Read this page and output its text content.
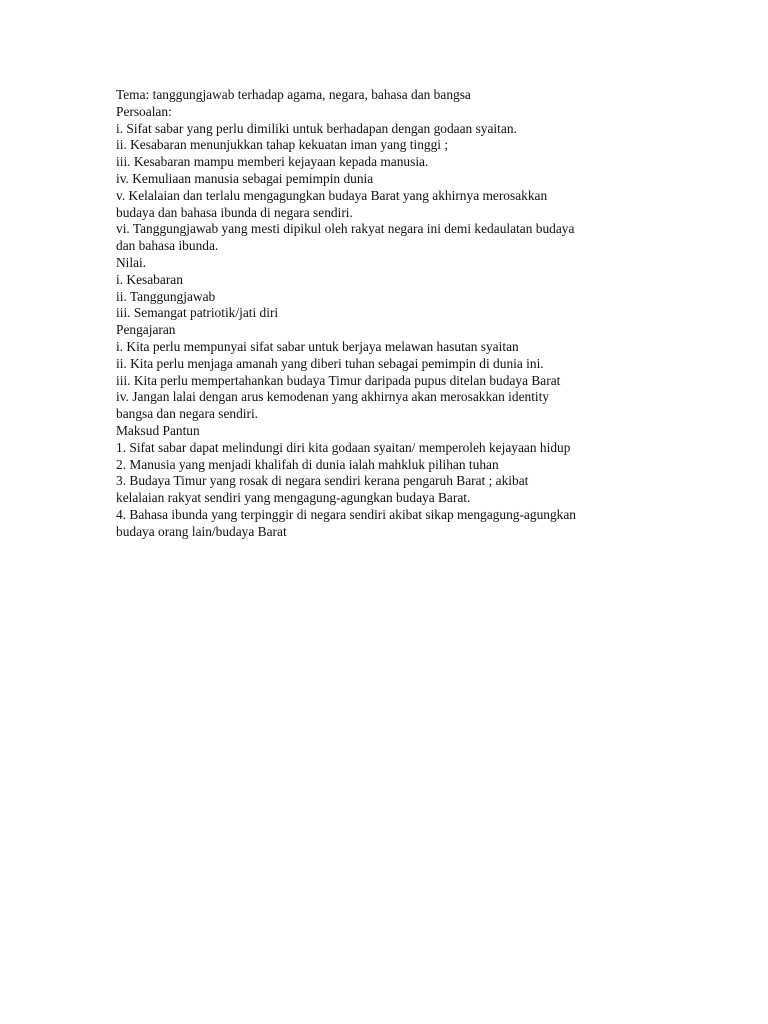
Tema: tanggungjawab terhadap agama, negara, bahasa dan bangsa
Persoalan:
i. Sifat sabar yang perlu dimiliki untuk berhadapan dengan godaan syaitan.
ii. Kesabaran menunjukkan tahap kekuatan iman yang tinggi ;
iii. Kesabaran mampu memberi kejayaan kepada manusia.
iv. Kemuliaan manusia sebagai pemimpin dunia
v. Kelalaian dan terlalu mengagungkan budaya Barat yang akhirnya merosakkan
budaya dan bahasa ibunda di negara sendiri.
vi. Tanggungjawab yang mesti dipikul oleh rakyat negara ini demi kedaulatan budaya
dan bahasa ibunda.
Nilai.
i. Kesabaran
ii. Tanggungjawab
iii. Semangat patriotik/jati diri
Pengajaran
i. Kita perlu mempunyai sifat sabar untuk berjaya melawan hasutan syaitan
ii. Kita perlu menjaga amanah yang diberi tuhan sebagai pemimpin di dunia ini.
iii. Kita perlu mempertahankan budaya Timur daripada pupus ditelan budaya Barat
iv. Jangan lalai dengan arus kemodenan yang akhirnya akan merosakkan identity
bangsa dan negara sendiri.
Maksud Pantun
1. Sifat sabar dapat melindungi diri kita godaan syaitan/ memperoleh kejayaan hidup
2. Manusia yang menjadi khalifah di dunia ialah mahkluk pilihan tuhan
3. Budaya Timur yang rosak di negara sendiri kerana pengaruh Barat ; akibat
kelalaian rakyat sendiri yang mengagung-agungkan budaya Barat.
4. Bahasa ibunda yang terpinggir di negara sendiri akibat sikap mengagung-agungkan
budaya orang lain/budaya Barat
